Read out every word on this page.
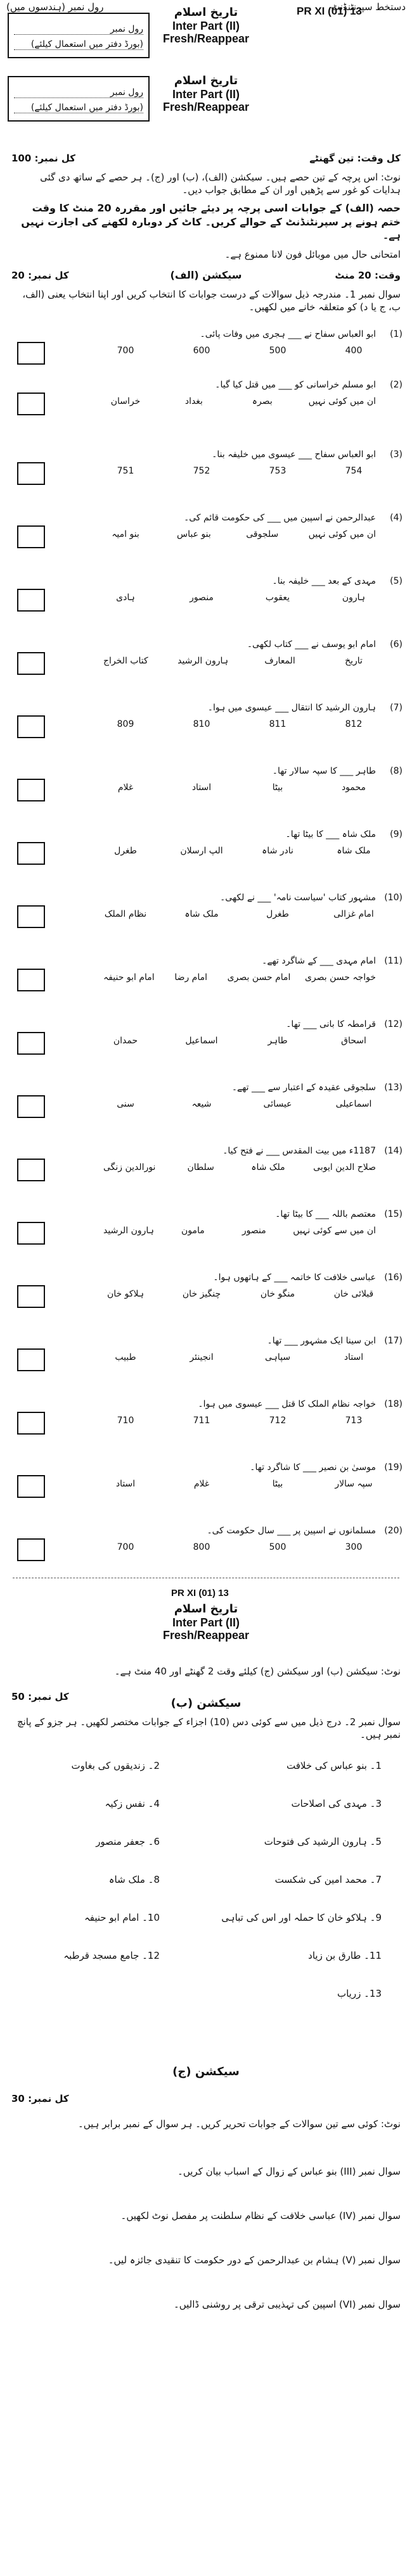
رول نمبر (ہندسوں میں)	دستخط سپرنٹنڈنٹ
رول نمبر
(بورڈ دفتر میں استعمال کیلئے)
تاریخ اسلام
Inter Part (II)
Fresh/Reappear
PR XI (01) 13
رول نمبر
(بورڈ دفتر میں استعمال کیلئے)
تاریخ اسلام
Inter Part (II)
Fresh/Reappear
کل وقت: تین گھنٹے
کل نمبر: 100
نوٹ: اس پرچہ کے تین حصے ہیں۔ سیکشن (الف)، (ب) اور (ج)۔ ہر حصے کے ساتھ دی گئی ہدایات کو غور سے پڑھیں اور ان کے مطابق جواب دیں۔
حصہ (الف) کے جوابات اسی پرچہ پر دیئے جائیں اور مقررہ 20 منٹ کا وقت ختم ہونے پر سپرنٹنڈنٹ کے حوالے کریں۔ کاٹ کر دوبارہ لکھنے کی اجازت نہیں ہے۔
امتحانی حال میں موبائل فون لانا ممنوع ہے۔
وقت: 20 منٹ
سیکشن (الف)
کل نمبر: 20
سوال نمبر 1۔ مندرجہ ذیل سوالات کے درست جوابات کا انتخاب کریں اور اپنا انتخاب یعنی (الف، ب، ج یا د) کو متعلقہ خانے میں لکھیں۔
(1)
ابو العباس سفاح نے ___ ہجری میں وفات پائی۔
700	600	500	400
(2)
ابو مسلم خراسانی کو ___ میں قتل کیا گیا۔
خراسان	بغداد	بصرہ	ان میں کوئی نہیں
(3)
ابو العباس سفاح ___ عیسوی میں خلیفہ بنا۔
751	752	753	754
(4)
عبدالرحمن نے اسپین میں ___ کی حکومت قائم کی۔
بنو امیہ	بنو عباس	سلجوقی	ان میں کوئی نہیں
(5)
مہدی کے بعد ___ خلیفہ بنا۔
ہادی	منصور	یعقوب	ہارون
(6)
امام ابو یوسف نے ___ کتاب لکھی۔
کتاب الخراج	ہارون الرشید	المعارف	تاریخ
(7)
ہارون الرشید کا انتقال ___ عیسوی میں ہوا۔
809	810	811	812
(8)
طاہر ___ کا سپہ سالار تھا۔
غلام	استاد	بیٹا	محمود
(9)
ملک شاہ ___ کا بیٹا تھا۔
طغرل	الپ ارسلان	نادر شاہ	ملک شاہ
(10)
مشہور کتاب 'سیاست نامہ' ___ نے لکھی۔
نظام الملک	ملک شاہ	طغرل	امام غزالی
(11)
امام مہدی ___ کے شاگرد تھے۔
امام ابو حنیفہ	امام رضا	امام حسن بصری خواجہ حسن بصری
(12)
قرامطہ کا بانی ___ تھا۔
حمدان	اسماعیل	طاہر	اسحاق
(13)
سلجوقی عقیدہ کے اعتبار سے ___ تھے۔
سنی	شیعہ	عیسائی	اسماعیلی
(14)
1187ء میں بیت المقدس ___ نے فتح کیا۔
نورالدین زنگی	سلطان	ملک شاہ	صلاح الدین ایوبی
(15)
معتصم باللہ ___ کا بیٹا تھا۔
ہارون الرشید	مامون	منصور	ان میں سے کوئی نہیں
(16)
عباسی خلافت کا خاتمہ ___ کے ہاتھوں ہوا۔
ہلاکو خان	چنگیز خان	منگو خان	قبلائی خان
(17)
ابن سینا ایک مشہور ___ تھا۔
طبیب	انجینئر	سپاہی	استاد
(18)
خواجہ نظام الملک کا قتل ___ عیسوی میں ہوا۔
710	711	712	713
(19)
موسیٰ بن نصیر ___ کا شاگرد تھا۔
استاد	غلام	بیٹا	سپہ سالار
(20)
مسلمانوں نے اسپین پر ___ سال حکومت کی۔
700	800	500	300
PR XI (01) 13
تاریخ اسلام
Inter Part (II)
Fresh/Reappear
نوٹ: سیکشن (ب) اور سیکشن (ج) کیلئے وقت 2 گھنٹے اور 40 منٹ ہے۔
کل نمبر: 50	سیکشن (ب)
سوال نمبر 2۔ درج ذیل میں سے کوئی دس (10) اجزاء کے جوابات مختصر لکھیں۔ ہر جزو کے پانچ نمبر ہیں۔
1۔ بنو عباس کی خلافت
2۔ زندیقوں کی بغاوت
3۔ مہدی کی اصلاحات
4۔ نفس زکیہ
5۔ ہارون الرشید کی فتوحات
6۔ جعفر منصور
7۔ محمد امین کی شکست
8۔ ملک شاہ
9۔ ہلاکو خان کا حملہ اور اس کی تباہی
10۔ امام ابو حنیفہ
11۔ طارق بن زیاد
12۔ جامع مسجد قرطبہ
13۔ زریاب
سیکشن (ج)
کل نمبر: 30
نوٹ: کوئی سے تین سوالات کے جوابات تحریر کریں۔ ہر سوال کے نمبر برابر ہیں۔
سوال نمبر (III) بنو عباس کے زوال کے اسباب بیان کریں۔
سوال نمبر (IV) عباسی خلافت کے نظام سلطنت پر مفصل نوٹ لکھیں۔
سوال نمبر (V) ہشام بن عبدالرحمن کے دور حکومت کا تنقیدی جائزہ لیں۔
سوال نمبر (VI) اسپین کی تہذیبی ترقی پر روشنی ڈالیں۔
